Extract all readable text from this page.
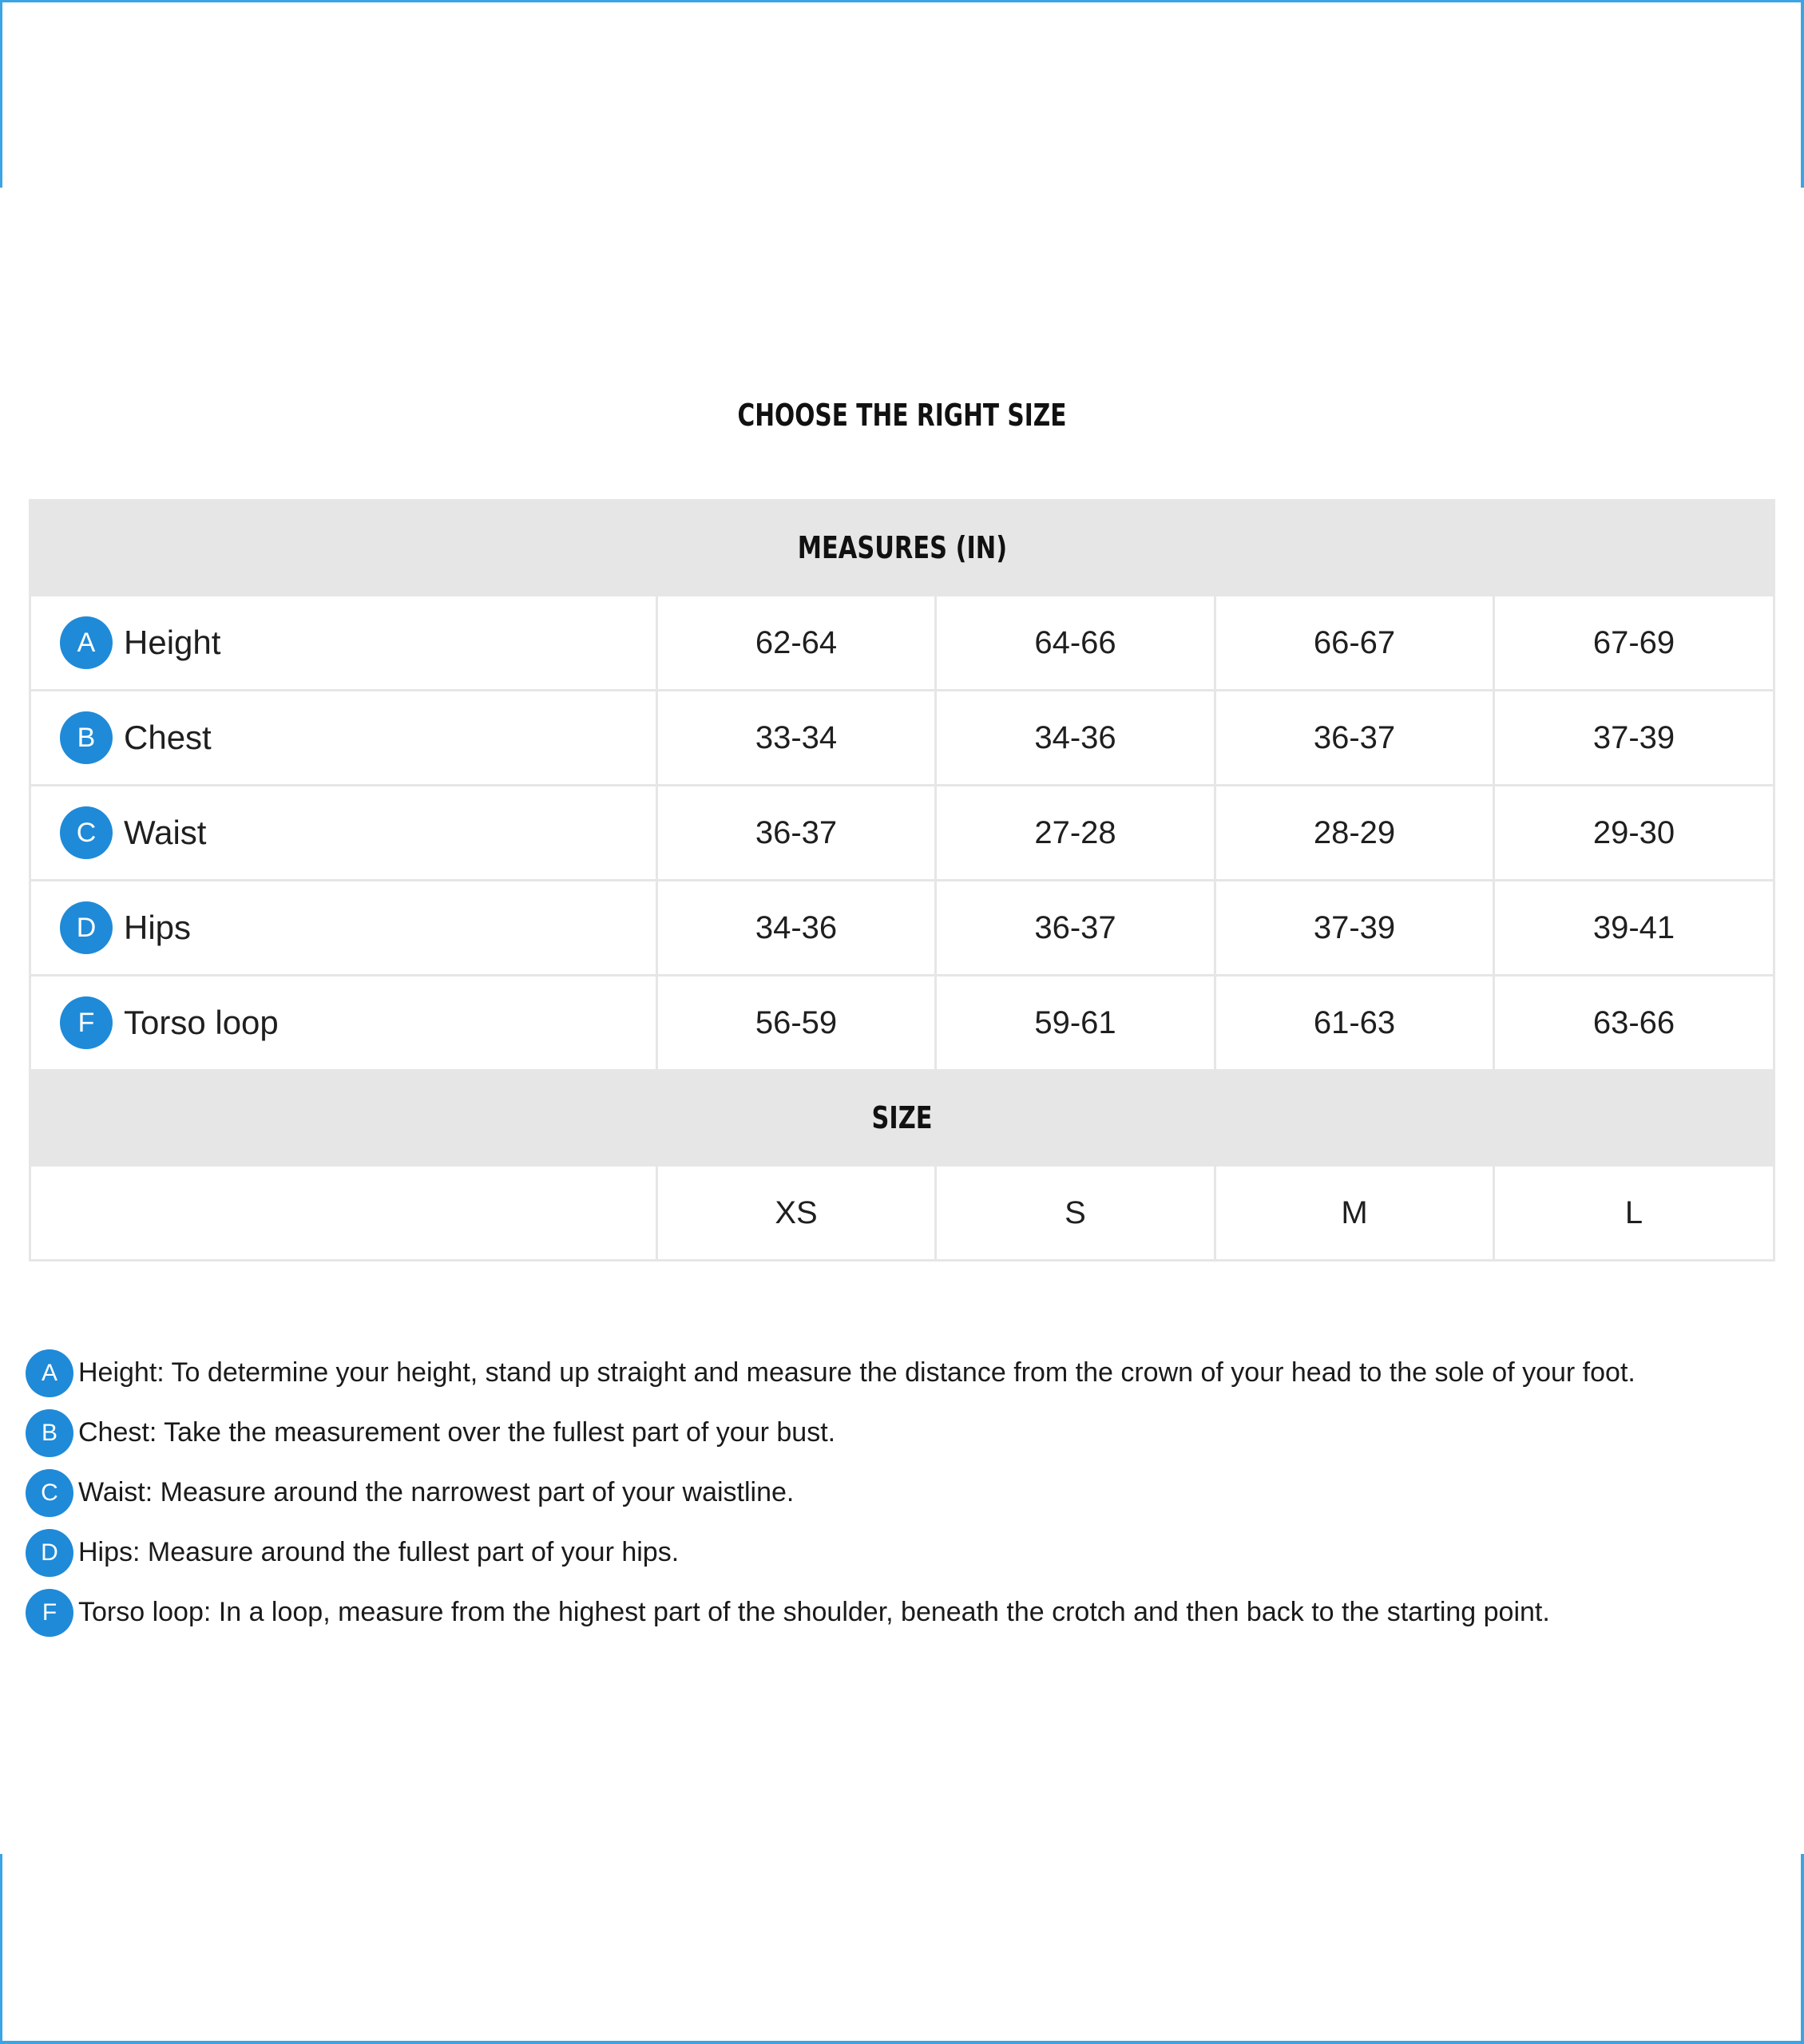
CHOOSE THE RIGHT SIZE
MEASURES (IN)				
A Height	62-64	64-66	66-67	67-69
B Chest	33-34	34-36	36-37	37-39
C Waist	36-37	27-28	28-29	29-30
D Hips	34-36	36-37	37-39	39-41
F Torso loop	56-59	59-61	61-63	63-66
SIZE				
	XS	S	M	L
A Height: To determine your height, stand up straight and measure the distance from the crown of your head to the sole of your foot.
B Chest: Take the measurement over the fullest part of your bust.
C Waist: Measure around the narrowest part of your waistline.
D Hips: Measure around the fullest part of your hips.
F Torso loop: In a loop, measure from the highest part of the shoulder, beneath the crotch and then back to the starting point.
